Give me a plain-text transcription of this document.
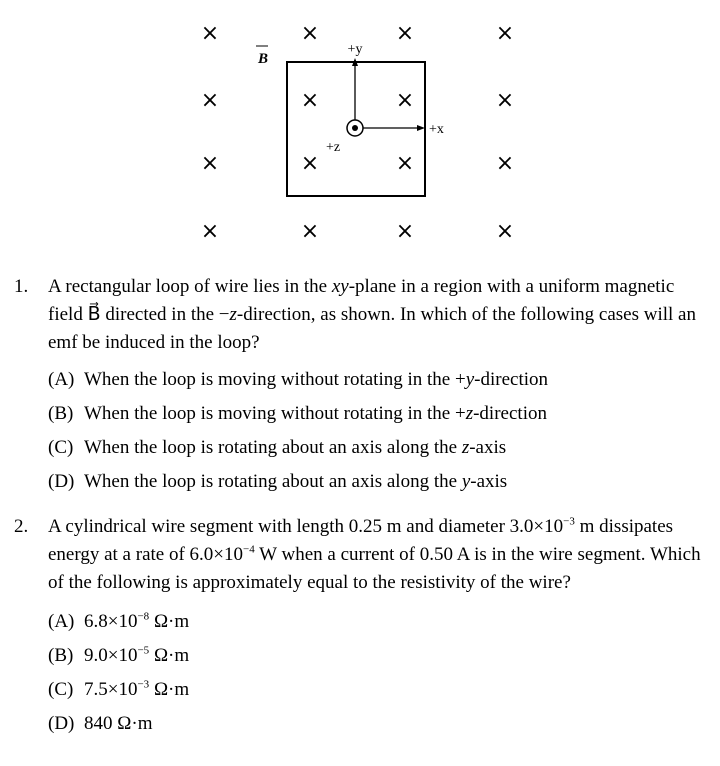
×	×	×	×
×	×	×	×
×	×	×	×
×	×	×	×
B
+y
+x
+z
1. A rectangular loop of wire lies in the xy-plane in a region with a uniform magnetic field B⃗ directed in the −z-direction, as shown. In which of the following cases will an emf be induced in the loop?
(A) When the loop is moving without rotating in the +y-direction
(B) When the loop is moving without rotating in the +z-direction
(C) When the loop is rotating about an axis along the z-axis
(D) When the loop is rotating about an axis along the y-axis
2. A cylindrical wire segment with length 0.25 m and diameter $3.0\times 10^{-3}$ m dissipates energy at a rate of $6.0\times 10^{-4}$ W when a current of 0.50 A is in the wire segment. Which of the following is approximately equal to the resistivity of the wire?
(A) $6.8\times 10^{-8}$ Ω·m
(B) $9.0\times 10^{-5}$ Ω·m
(C) $7.5\times 10^{-3}$ Ω·m
(D) 840 Ω·m
